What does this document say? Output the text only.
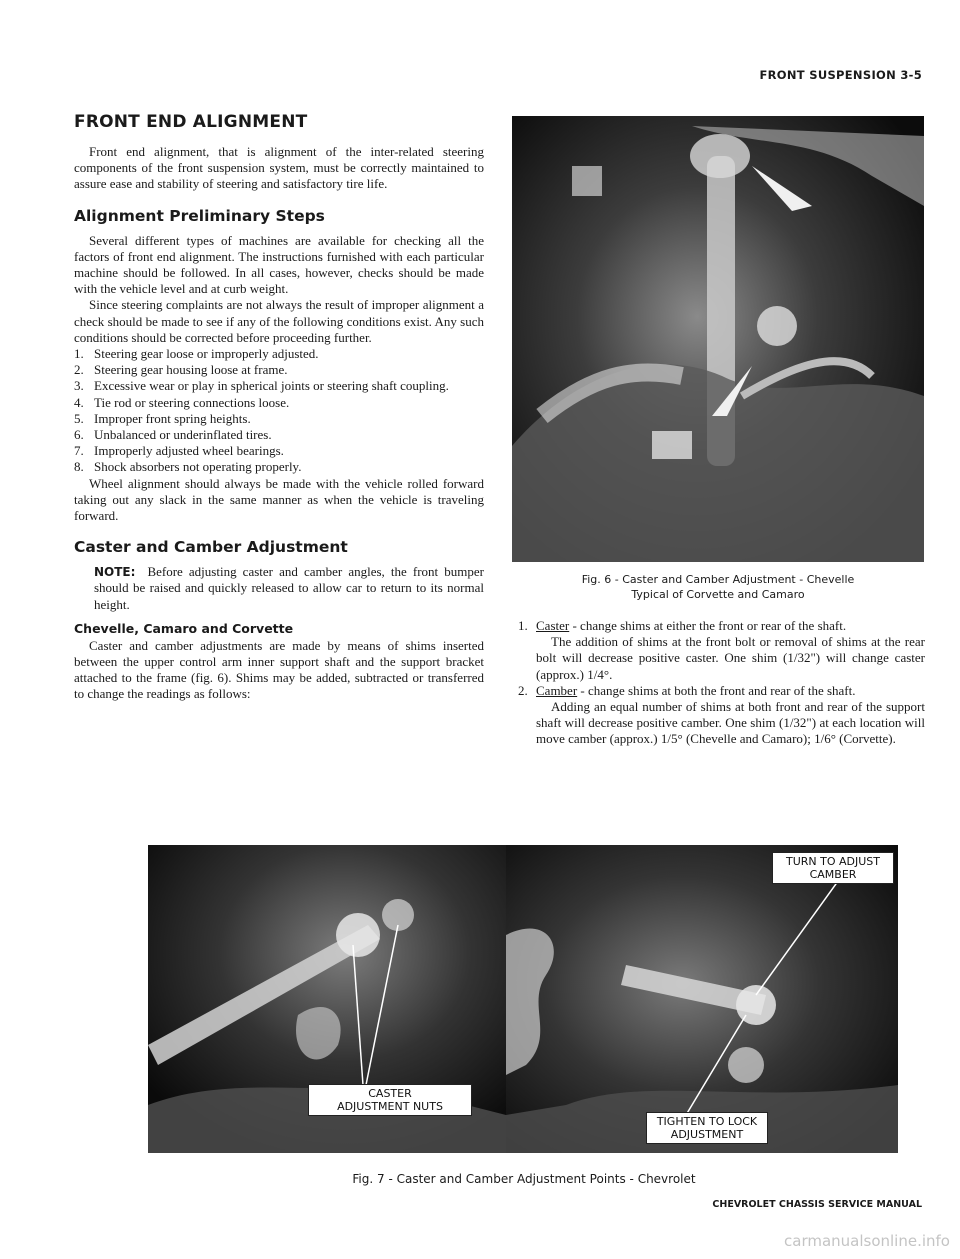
FRONT SUSPENSION 3-5
FRONT END ALIGNMENT

Front end alignment, that is alignment of the inter-related steering components of the front suspension system, must be correctly maintained to assure ease and stability of steering and satisfactory tire life.

Alignment Preliminary Steps

Several different types of machines are available for checking all the factors of front end alignment. The instructions furnished with each particular machine should be followed. In all cases, however, checks should be made with the vehicle level and at curb weight.

Since steering complaints are not always the result of improper alignment a check should be made to see if any of the following conditions exist. Any such conditions should be corrected before proceeding further.

1. Steering gear loose or improperly adjusted.
2. Steering gear housing loose at frame.
3. Excessive wear or play in spherical joints or steering shaft coupling.
4. Tie rod or steering connections loose.
5. Improper front spring heights.
6. Unbalanced or underinflated tires.
7. Improperly adjusted wheel bearings.
8. Shock absorbers not operating properly.

Wheel alignment should always be made with the vehicle rolled forward taking out any slack in the same manner as when the vehicle is traveling forward.

Caster and Camber Adjustment
NOTE: Before adjusting caster and camber angles, the front bumper should be raised and quickly released to allow car to return to its normal height.
Chevelle, Camaro and Corvette

Caster and camber adjustments are made by means of shims inserted between the upper control arm inner support shaft and the support bracket attached to the frame (fig. 6). Shims may be added, subtracted or transferred to change the readings as follows:

Fig. 6 - Caster and Camber Adjustment - Chevelle
Typical of Corvette and Camaro
1. Caster - change shims at either the front or rear of the shaft.

The addition of shims at the front bolt or removal of shims at the rear bolt will decrease positive caster. One shim (1/32") will change caster (approx.) 1/4°.

2. Camber - change shims at both the front and rear of the shaft.

Adding an equal number of shims at both front and rear of the support shaft will decrease positive camber. One shim (1/32") at each location will move camber (approx.) 1/5° (Chevelle and Camaro); 1/6° (Corvette).

CASTER
ADJUSTMENT NUTS
TURN TO ADJUST
CAMBER
TIGHTEN TO LOCK
ADJUSTMENT
Fig. 7 - Caster and Camber Adjustment Points - Chevrolet
CHEVROLET CHASSIS SERVICE MANUAL
carmanualsonline.info
